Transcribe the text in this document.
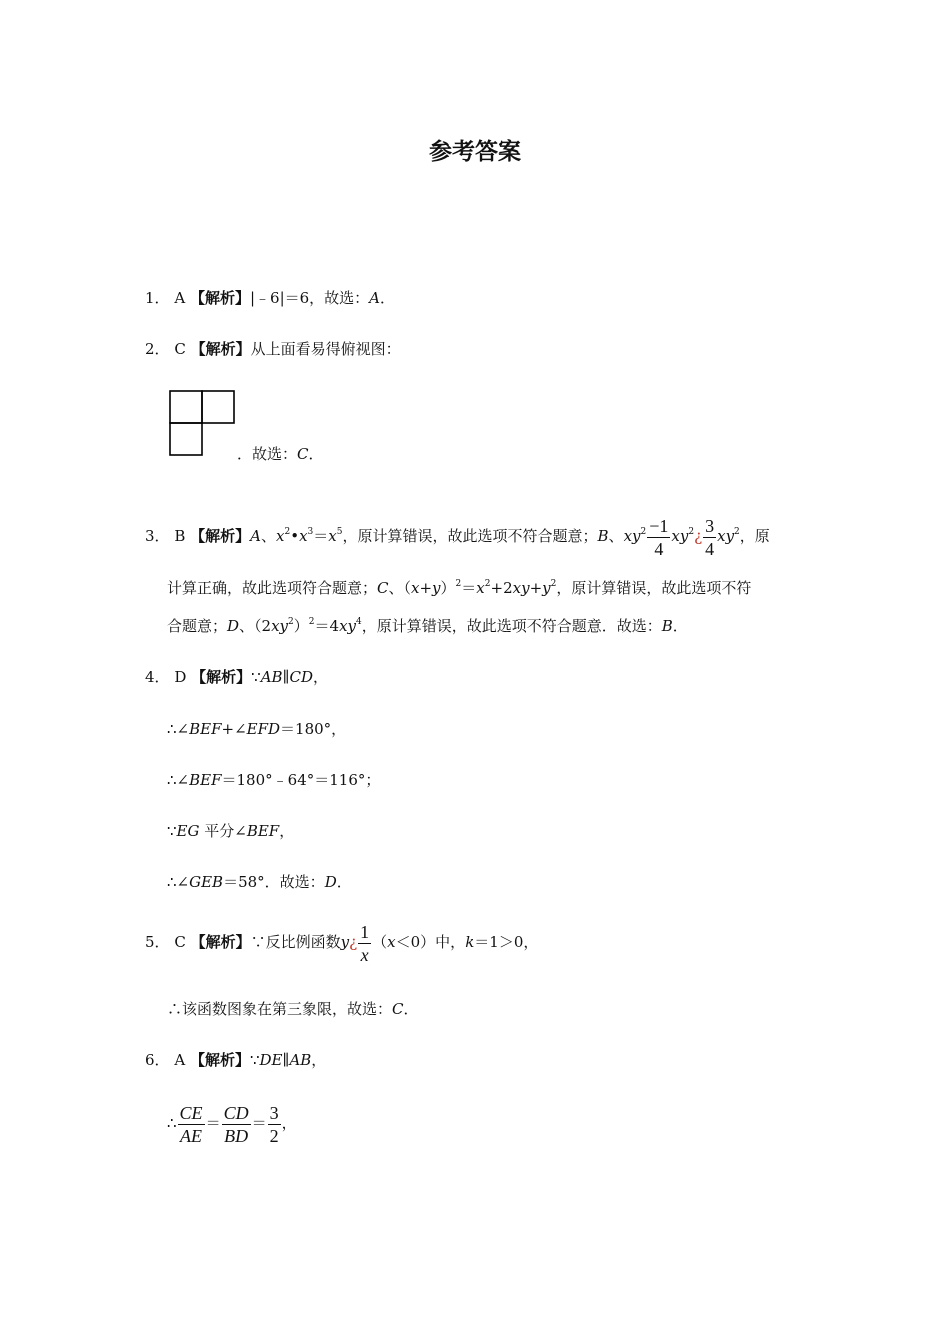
参考答案
1． A 【解析】|﹣6|＝6，故选：A．
2． C 【解析】从上面看易得俯视图：
．故选：C．
3． B 【解析】A、$x^2•x^3=x^5$，原计算错误，故此选项不符合题意；B、$xy^2 \frac{-1}{4}$ $xy^2¿ \frac{3}{4} xy^2$，原
计算正确，故此选项符合题意；C、$(x+y)^2=x^2+2xy+y^2$，原计算错误，故此选项不符
合题意；D、$(2xy^2)^2=4xy^4$，原计算错误，故此选项不符合题意．故选：B．
4． D 【解析】∵AB∥CD，
∴∠BEF+∠EFD＝180°，
∴∠BEF＝180°﹣64°＝116°；
∵EG 平分∠BEF，
∴∠GEB＝58°．故选：D．
5． C 【解析】∵反比例函数y¿ $\frac{1}{x} (x<0)$中，k＝1＞0，
∴该函数图象在第三象限，故选：C．
6． A 【解析】∵DE∥AB，
∴ $\frac{CE}{AE} = \frac{CD}{BD} = \frac{3}{2}$ ，
